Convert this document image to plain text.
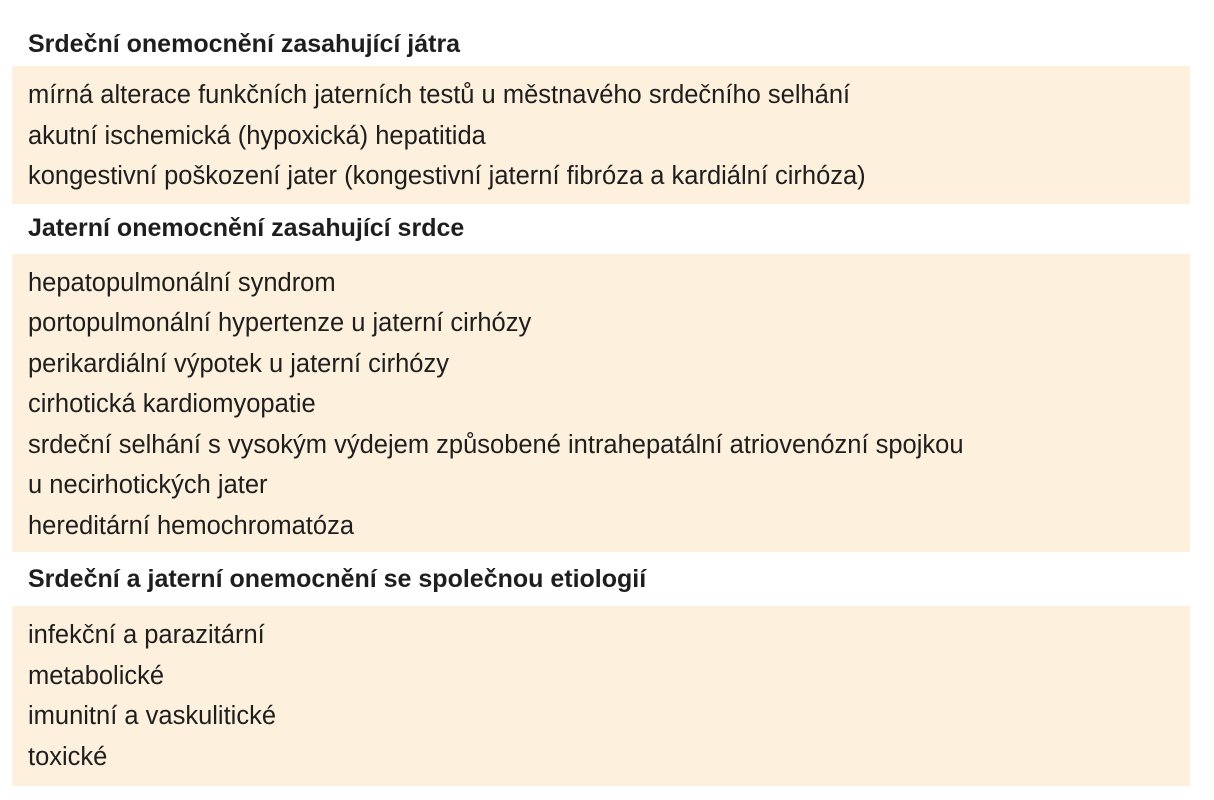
Srdeční onemocnění zasahující játra
mírná alterace funkčních jaterních testů u městnavého srdečního selhání
akutní ischemická (hypoxická) hepatitida
kongestivní poškození jater (kongestivní jaterní fibróza a kardiální cirhóza)
Jaterní onemocnění zasahující srdce
hepatopulmonální syndrom
portopulmonální hypertenze u jaterní cirhózy
perikardiální výpotek u jaterní cirhózy
cirhotická kardiomyopatie
srdeční selhání s vysokým výdejem způsobené intrahepatální atriovenózní spojkou
u necirhotických jater
hereditární hemochromatóza
Srdeční a jaterní onemocnění se společnou etiologií
infekční a parazitární
metabolické
imunitní a vaskulitické
toxické
